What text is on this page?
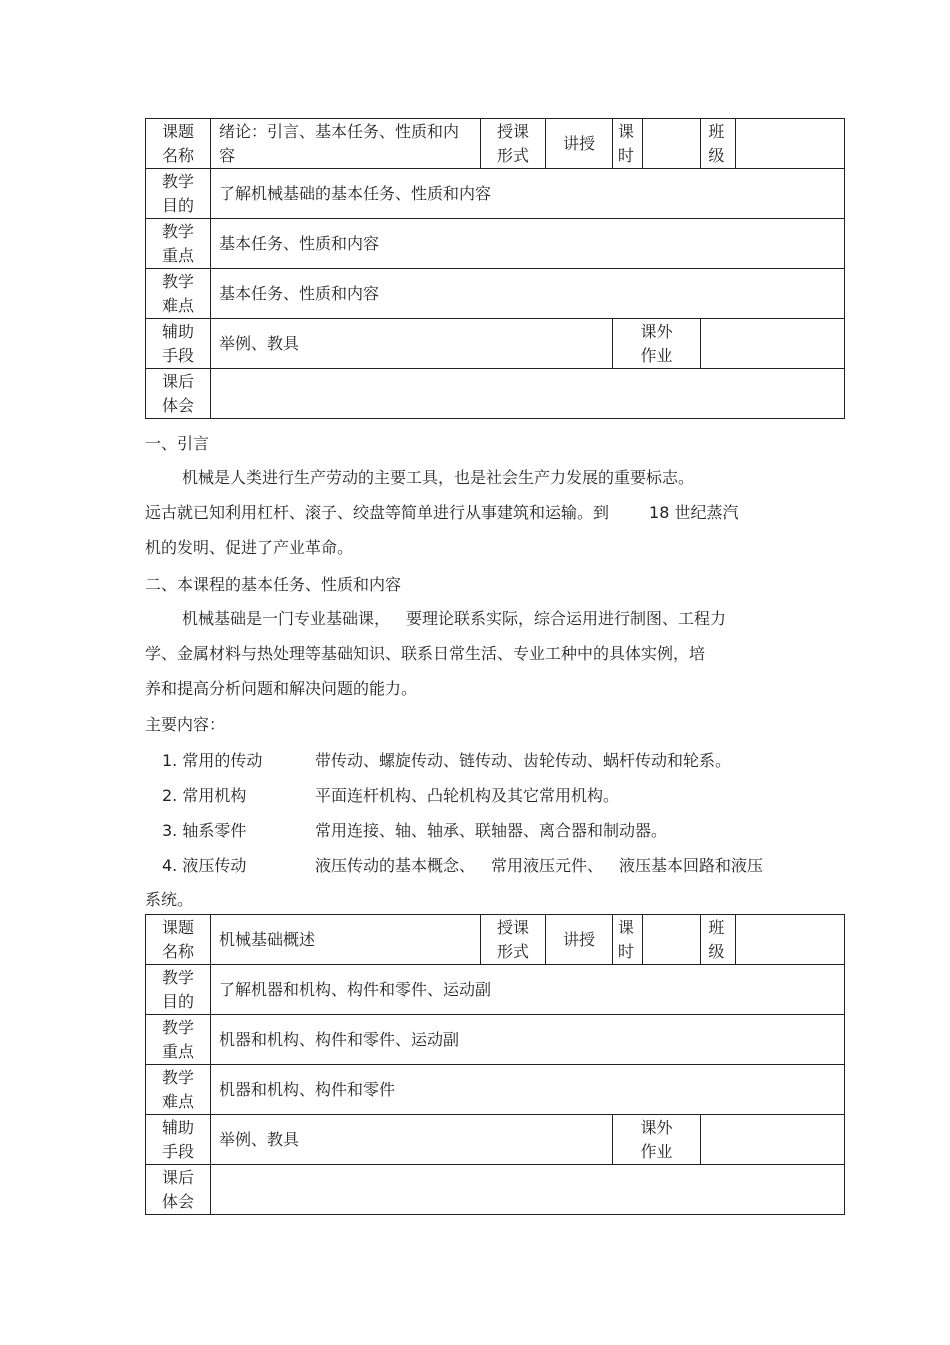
课题名称	绪论：引言、基本任务、性质和内容	授课形式	讲授	课时		班级	
教学目的	了解机械基础的基本任务、性质和内容						
教学重点	基本任务、性质和内容						
教学难点	基本任务、性质和内容						
辅助手段	举例、教具			课外作业			
课后体会							
一、引言

机械是人类进行生产劳动的主要工具，也是社会生产力发展的重要标志。

远古就已知利用杠杆、滚子、绞盘等简单进行从事建筑和运输。到	18 世纪蒸汽

机的发明、促进了产业革命。

二、本课程的基本任务、性质和内容

机械基础是一门专业基础课， 要理论联系实际，综合运用进行制图、工程力

学、金属材料与热处理等基础知识、联系日常生活、专业工种中的具体实例，培

养和提高分析问题和解决问题的能力。

主要内容：
1. 常用的传动	带传动、螺旋传动、链传动、齿轮传动、蜗杆传动和轮系。
2. 常用机构	平面连杆机构、凸轮机构及其它常用机构。
3. 轴系零件	常用连接、轴、轴承、联轴器、离合器和制动器。
4. 液压传动	液压传动的基本概念、 常用液压元件、 液压基本回路和液压
系统。
课题名称	机械基础概述	授课形式	讲授	课时		班级	
教学目的	了解机器和机构、构件和零件、运动副						
教学重点	机器和机构、构件和零件、运动副						
教学难点	机器和机构、构件和零件						
辅助手段	举例、教具			课外作业			
课后体会							
